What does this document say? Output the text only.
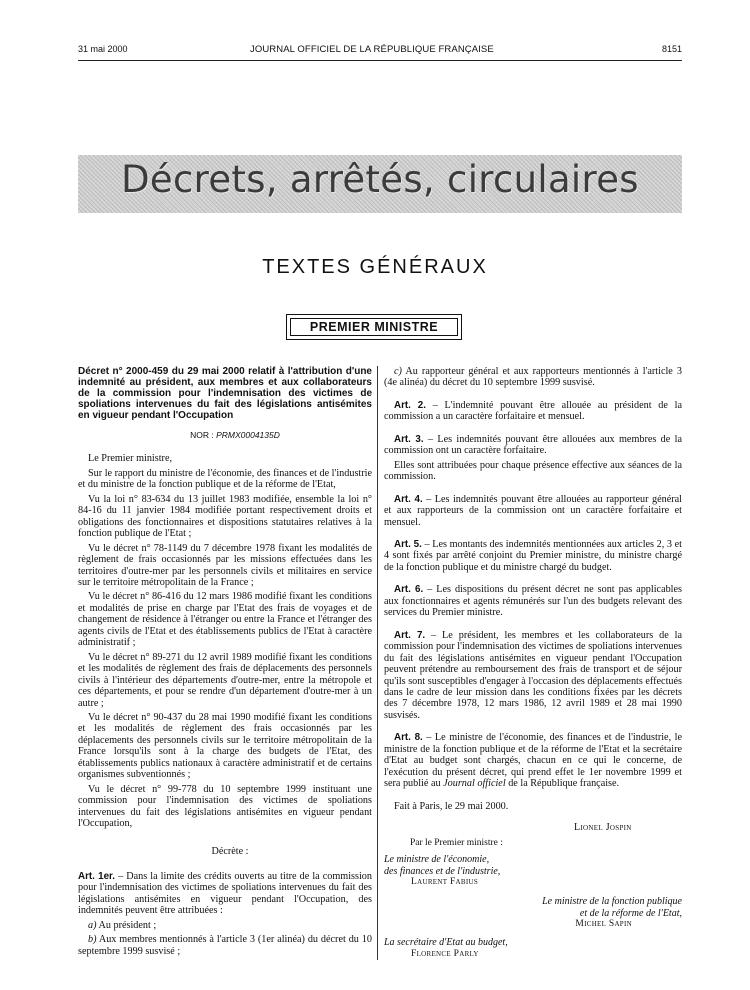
31 mai 2000	JOURNAL OFFICIEL DE LA RÉPUBLIQUE FRANÇAISE	8151
Décrets, arrêtés, circulaires
TEXTES GÉNÉRAUX
PREMIER MINISTRE
Décret n° 2000-459 du 29 mai 2000 relatif à l'attribution d'une indemnité au président, aux membres et aux collaborateurs de la commission pour l'indemnisation des victimes de spoliations intervenues du fait des législations antisémites en vigueur pendant l'Occupation
NOR : PRMX0004135D

Le Premier ministre,

Sur le rapport du ministre de l'économie, des finances et de l'industrie et du ministre de la fonction publique et de la réforme de l'Etat,

Vu la loi n° 83-634 du 13 juillet 1983 modifiée, ensemble la loi n° 84-16 du 11 janvier 1984 modifiée portant respectivement droits et obligations des fonctionnaires et dispositions statutaires relatives à la fonction publique de l'Etat ;

Vu le décret n° 78-1149 du 7 décembre 1978 fixant les modalités de règlement de frais occasionnés par les missions effectuées dans les territoires d'outre-mer par les personnels civils et militaires en service sur le territoire métropolitain de la France ;

Vu le décret n° 86-416 du 12 mars 1986 modifié fixant les conditions et modalités de prise en charge par l'Etat des frais de voyages et de changement de résidence à l'étranger ou entre la France et l'étranger des agents civils de l'Etat et des établissements publics de l'Etat à caractère administratif ;

Vu le décret n° 89-271 du 12 avril 1989 modifié fixant les conditions et les modalités de règlement des frais de déplacements des personnels civils à l'intérieur des départements d'outre-mer, entre la métropole et ces départements, et pour se rendre d'un département d'outre-mer à un autre ;

Vu le décret n° 90-437 du 28 mai 1990 modifié fixant les conditions et les modalités de règlement des frais occasionnés par les déplacements des personnels civils sur le territoire métropolitain de la France lorsqu'ils sont à la charge des budgets de l'Etat, des établissements publics nationaux à caractère administratif et de certains organismes subventionnés ;

Vu le décret n° 99-778 du 10 septembre 1999 instituant une commission pour l'indemnisation des victimes de spoliations intervenues du fait des législations antisémites en vigueur pendant l'Occupation,

Décrète :

Art. 1er. – Dans la limite des crédits ouverts au titre de la commission pour l'indemnisation des victimes de spoliations intervenues du fait des législations antisémites en vigueur pendant l'Occupation, des indemnités peuvent être attribuées :

a) Au président ;

b) Aux membres mentionnés à l'article 3 (1er alinéa) du décret du 10 septembre 1999 susvisé ;

c) Au rapporteur général et aux rapporteurs mentionnés à l'article 3 (4e alinéa) du décret du 10 septembre 1999 susvisé.

Art. 2. – L'indemnité pouvant être allouée au président de la commission a un caractère forfaitaire et mensuel.

Art. 3. – Les indemnités pouvant être allouées aux membres de la commission ont un caractère forfaitaire.

Elles sont attribuées pour chaque présence effective aux séances de la commission.

Art. 4. – Les indemnités pouvant être allouées au rapporteur général et aux rapporteurs de la commission ont un caractère forfaitaire et mensuel.

Art. 5. – Les montants des indemnités mentionnées aux articles 2, 3 et 4 sont fixés par arrêté conjoint du Premier ministre, du ministre chargé de la fonction publique et du ministre chargé du budget.

Art. 6. – Les dispositions du présent décret ne sont pas applicables aux fonctionnaires et agents rémunérés sur l'un des budgets relevant des services du Premier ministre.

Art. 7. – Le président, les membres et les collaborateurs de la commission pour l'indemnisation des victimes de spoliations intervenues du fait des législations antisémites en vigueur pendant l'Occupation peuvent prétendre au remboursement des frais de transport et de séjour qu'ils sont susceptibles d'engager à l'occasion des déplacements effectués dans le cadre de leur mission dans les conditions fixées par les décrets des 7 décembre 1978, 12 mars 1986, 12 avril 1989 et 28 mai 1990 susvisés.

Art. 8. – Le ministre de l'économie, des finances et de l'industrie, le ministre de la fonction publique et de la réforme de l'Etat et la secrétaire d'Etat au budget sont chargés, chacun en ce qui le concerne, de l'exécution du présent décret, qui prend effet le 1er novembre 1999 et sera publié au Journal officiel de la République française.

Fait à Paris, le 29 mai 2000.

Lionel Jospin
Par le Premier ministre :
Le ministre de l'économie,
des finances et de l'industrie,
Laurent Fabius
Le ministre de la fonction publique
et de la réforme de l'Etat,
Michel Sapin
La secrétaire d'Etat au budget,
Florence Parly
